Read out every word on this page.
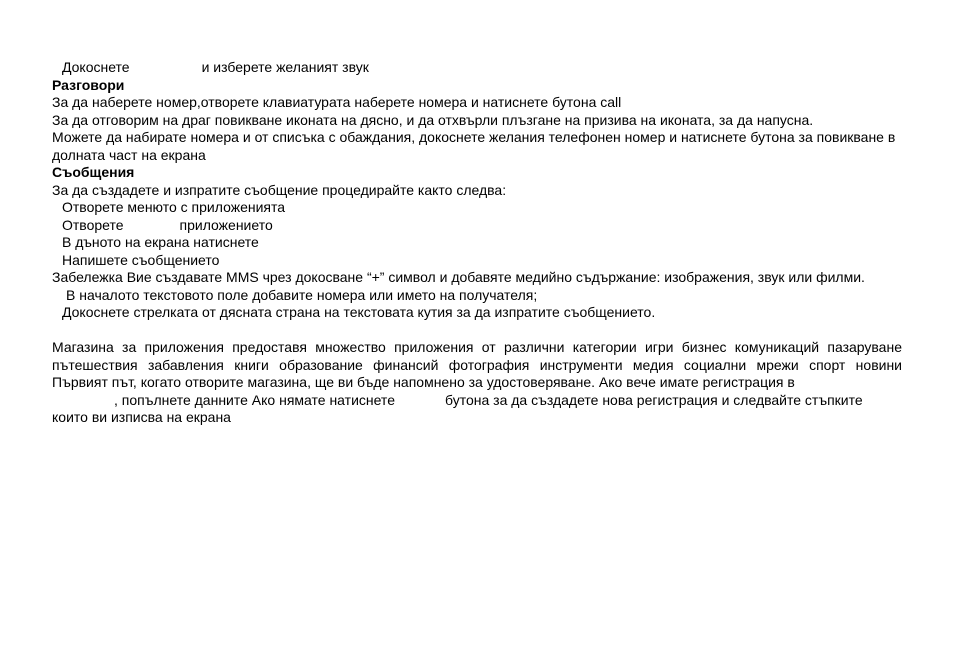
Докоснете	и изберете желаният звук
Разговори
За да наберете номер,отворете клавиатурата наберете номера и натиснете бутона call
За да отговорим на драг повикване иконата на дясно, и да отхвърли плъзгане на призива на иконата, за да напусна.
Можете да набирате номера и от списъка с обаждания, докоснете желания телефонен номер и натиснете бутона за повикване в долната част на екрана
Съобщения
За да създадете и изпратите съобщение процедирайте както следва:
Отворете менюто с приложенията
Отворете	приложението
В дъното на екрана натиснете
Напишете съобщението
Забележка Вие създавате MMS чрез докосване “+” символ и добавяте медийно съдържание: изображения, звук или филми.
В началото текстовото поле добавите номера или името на получателя;
Докоснете стрелката от дясната страна на текстовата кутия за да изпратите съобщението.
Магазина за приложения предоставя множество приложения от различни категории игри бизнес комуникаций пазаруване пътешествия забавления книги образование финансий фотография инструменти медия социални мрежи спорт новини
Първият път, когато отворите магазина, ще ви бъде напомнено за удостоверяване. Ако вече имате регистрация в
, попълнете данните Ако нямате натиснете	бутона за да създадете нова регистрация и следвайте стъпките които ви изписва на екрана
